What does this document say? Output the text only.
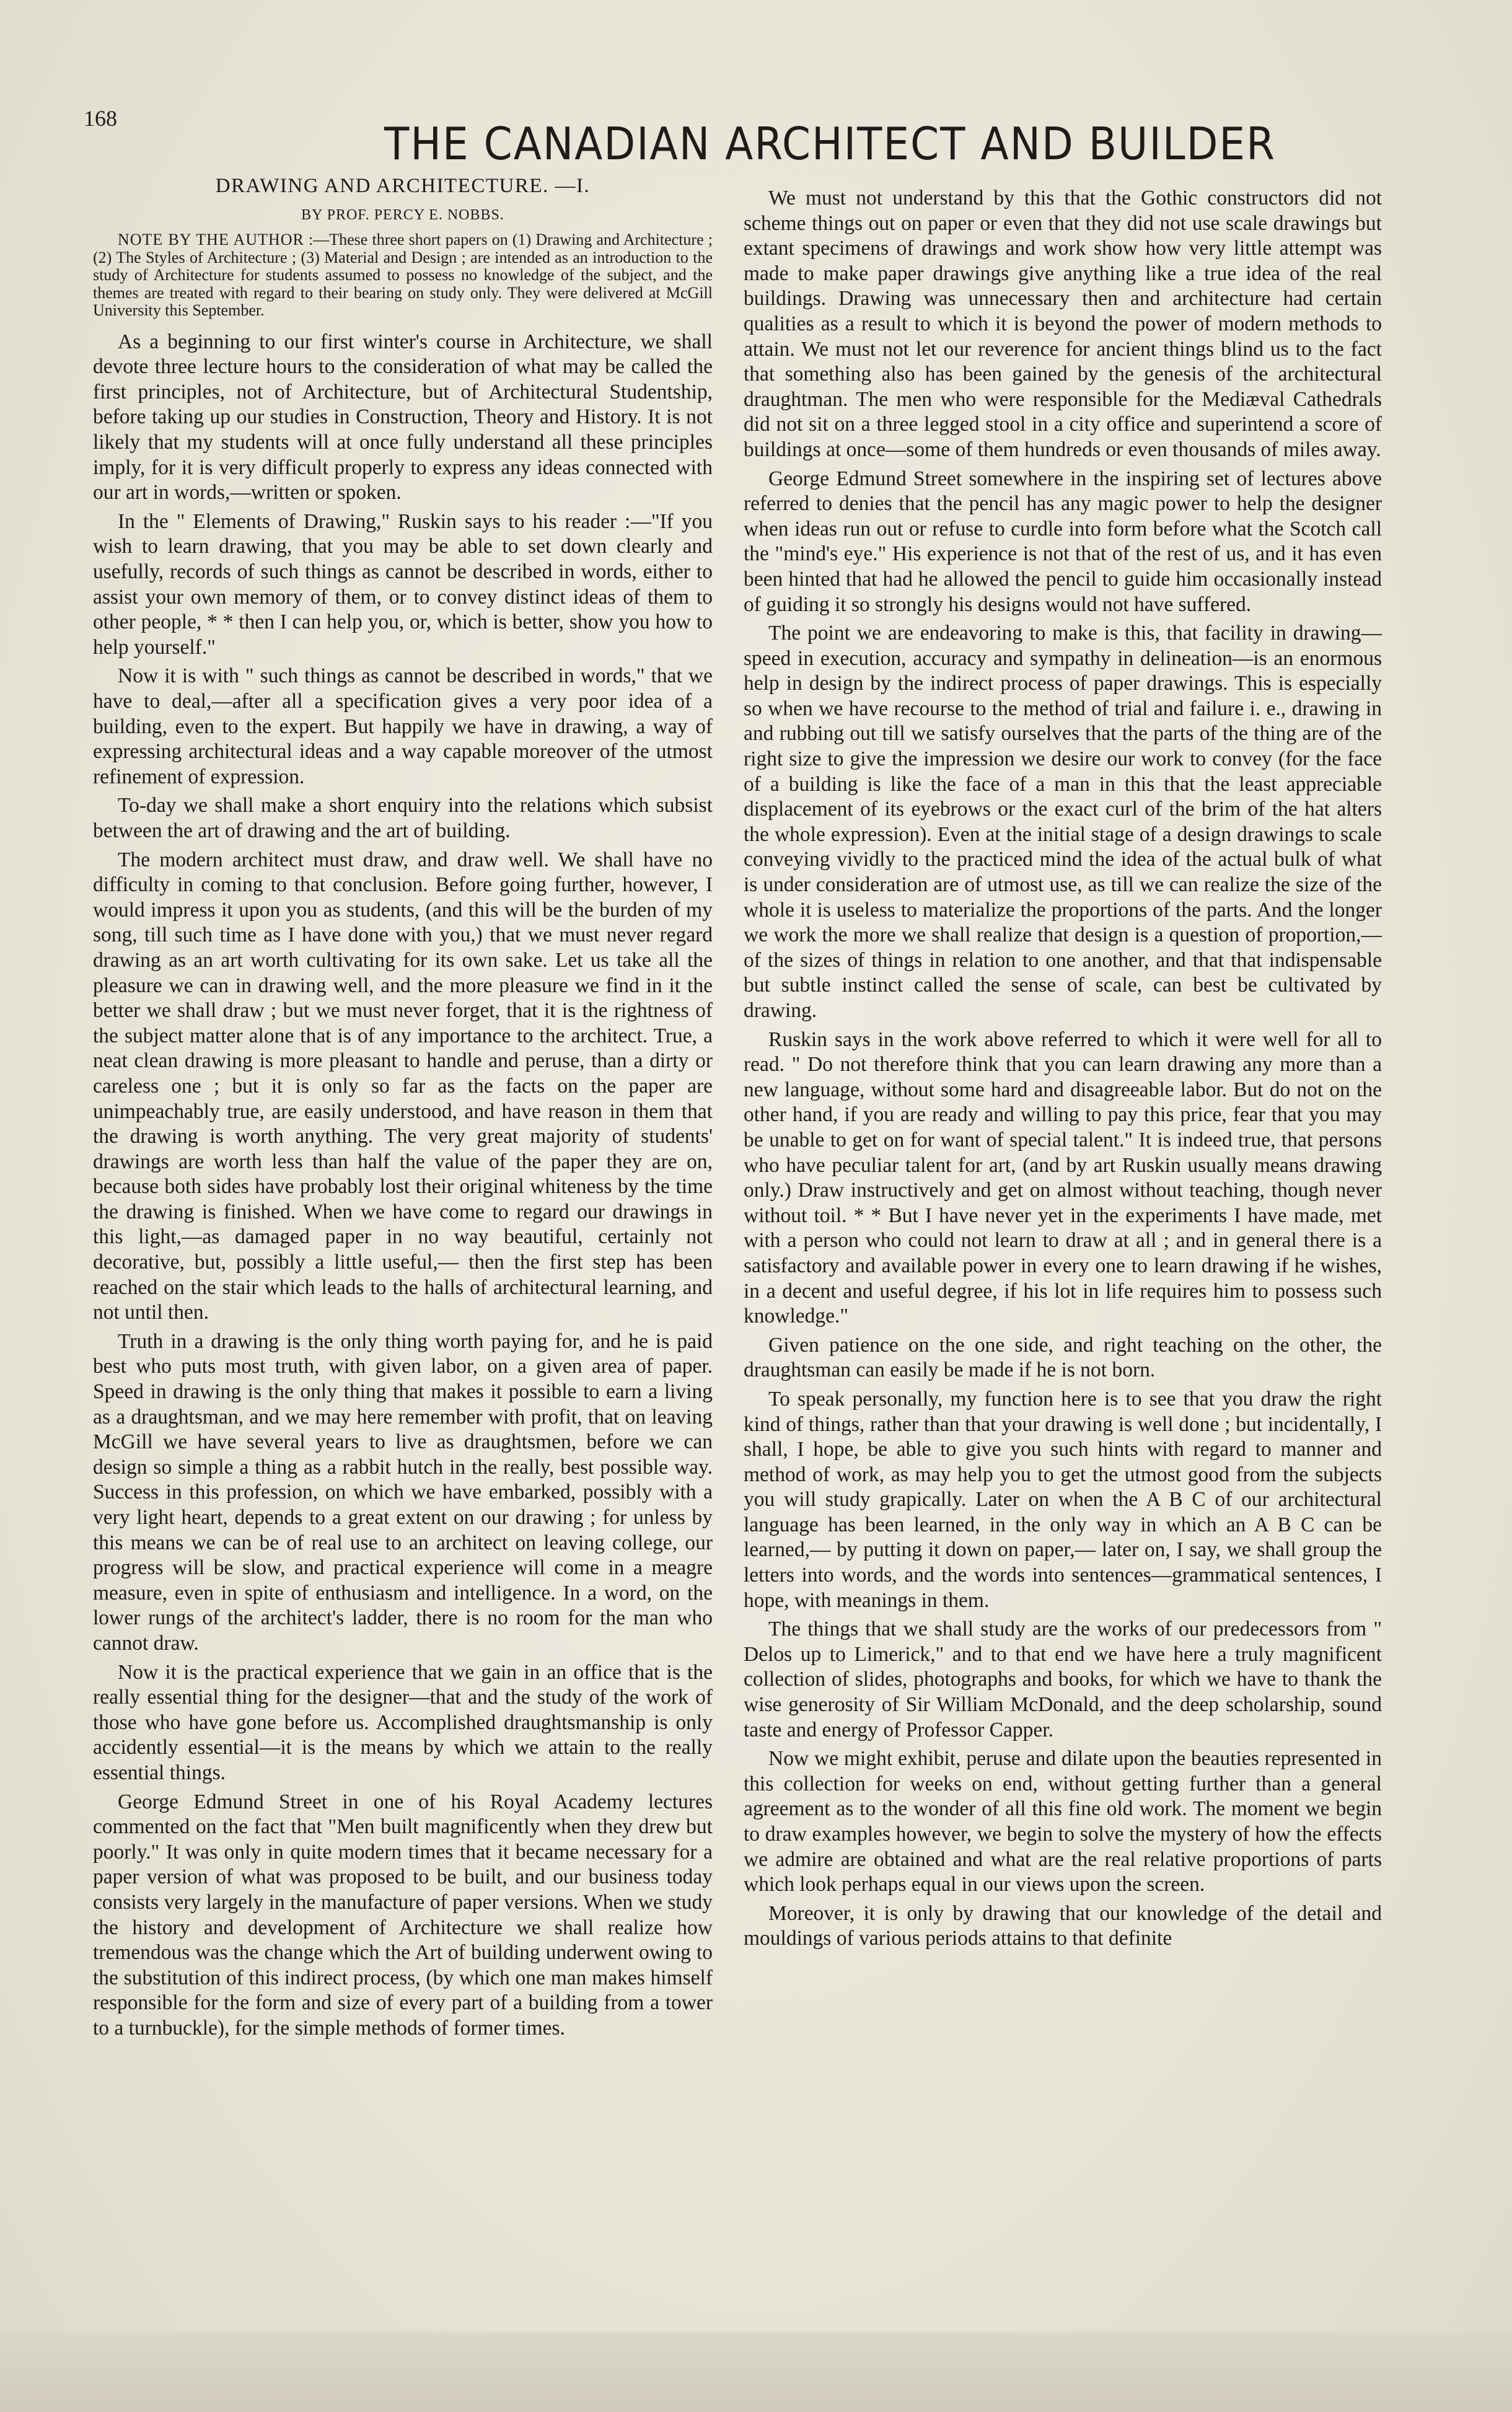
168	THE CANADIAN ARCHITECT AND BUILDER

DRAWING AND ARCHITECTURE. —I.

BY PROF. PERCY E. NOBBS.

NOTE BY THE AUTHOR :—These three short papers on (1) Drawing and Architecture ; (2) The Styles of Architecture ; (3) Material and Design ; are intended as an introduction to the study of Architecture for students assumed to possess no knowledge of the subject, and the themes are treated with regard to their bearing on study only. They were delivered at McGill University this September.

As a beginning to our first winter's course in Architecture, we shall devote three lecture hours to the consideration of what may be called the first principles, not of Architecture, but of Architectural Studentship, before taking up our studies in Construction, Theory and History. It is not likely that my students will at once fully understand all these principles imply, for it is very difficult properly to express any ideas connected with our art in words,—written or spoken.

In the " Elements of Drawing," Ruskin says to his reader :—"If you wish to learn drawing, that you may be able to set down clearly and usefully, records of such things as cannot be described in words, either to assist your own memory of them, or to convey distinct ideas of them to other people, * * then I can help you, or, which is better, show you how to help yourself."

Now it is with " such things as cannot be described in words," that we have to deal,—after all a specification gives a very poor idea of a building, even to the expert. But happily we have in drawing, a way of expressing architectural ideas and a way capable moreover of the utmost refinement of expression.

To-day we shall make a short enquiry into the relations which subsist between the art of drawing and the art of building.

The modern architect must draw, and draw well. We shall have no difficulty in coming to that conclusion. Before going further, however, I would impress it upon you as students, (and this will be the burden of my song, till such time as I have done with you,) that we must never regard drawing as an art worth cultivating for its own sake. Let us take all the pleasure we can in drawing well, and the more pleasure we find in it the better we shall draw ; but we must never forget, that it is the rightness of the subject matter alone that is of any importance to the architect. True, a neat clean drawing is more pleasant to handle and peruse, than a dirty or careless one ; but it is only so far as the facts on the paper are unimpeachably true, are easily understood, and have reason in them that the drawing is worth anything. The very great majority of students' drawings are worth less than half the value of the paper they are on, because both sides have probably lost their original whiteness by the time the drawing is finished. When we have come to regard our drawings in this light,—as damaged paper in no way beautiful, certainly not decorative, but, possibly a little useful,— then the first step has been reached on the stair which leads to the halls of architectural learning, and not until then.

Truth in a drawing is the only thing worth paying for, and he is paid best who puts most truth, with given labor, on a given area of paper. Speed in drawing is the only thing that makes it possible to earn a living as a draughtsman, and we may here remember with profit, that on leaving McGill we have several years to live as draughtsmen, before we can design so simple a thing as a rabbit hutch in the really, best possible way. Success in this profession, on which we have embarked, possibly with a very light heart, depends to a great extent on our drawing ; for unless by this means we can be of real use to an architect on leaving college, our progress will be slow, and practical experience will come in a meagre measure, even in spite of enthusiasm and intelligence. In a word, on the lower rungs of the architect's ladder, there is no room for the man who cannot draw.

Now it is the practical experience that we gain in an office that is the really essential thing for the designer—that and the study of the work of those who have gone before us. Accomplished draughtsmanship is only accidently essential—it is the means by which we attain to the really essential things.

George Edmund Street in one of his Royal Academy lectures commented on the fact that "Men built magnificently when they drew but poorly." It was only in quite modern times that it became necessary for a paper version of what was proposed to be built, and our business today consists very largely in the manufacture of paper versions. When we study the history and development of Architecture we shall realize how tremendous was the change which the Art of building underwent owing to the substitution of this indirect process, (by which one man makes himself responsible for the form and size of every part of a building from a tower to a turnbuckle), for the simple methods of former times.

We must not understand by this that the Gothic constructors did not scheme things out on paper or even that they did not use scale drawings but extant specimens of drawings and work show how very little attempt was made to make paper drawings give anything like a true idea of the real buildings. Drawing was unnecessary then and architecture had certain qualities as a result to which it is beyond the power of modern methods to attain. We must not let our reverence for ancient things blind us to the fact that something also has been gained by the genesis of the architectural draughtman. The men who were responsible for the Mediæval Cathedrals did not sit on a three legged stool in a city office and superintend a score of buildings at once—some of them hundreds or even thousands of miles away.

George Edmund Street somewhere in the inspiring set of lectures above referred to denies that the pencil has any magic power to help the designer when ideas run out or refuse to curdle into form before what the Scotch call the "mind's eye." His experience is not that of the rest of us, and it has even been hinted that had he allowed the pencil to guide him occasionally instead of guiding it so strongly his designs would not have suffered.

The point we are endeavoring to make is this, that facility in drawing—speed in execution, accuracy and sympathy in delineation—is an enormous help in design by the indirect process of paper drawings. This is especially so when we have recourse to the method of trial and failure i. e., drawing in and rubbing out till we satisfy ourselves that the parts of the thing are of the right size to give the impression we desire our work to convey (for the face of a building is like the face of a man in this that the least appreciable displacement of its eyebrows or the exact curl of the brim of the hat alters the whole expression). Even at the initial stage of a design drawings to scale conveying vividly to the practiced mind the idea of the actual bulk of what is under consideration are of utmost use, as till we can realize the size of the whole it is useless to materialize the proportions of the parts. And the longer we work the more we shall realize that design is a question of proportion,—of the sizes of things in relation to one another, and that that indispensable but subtle instinct called the sense of scale, can best be cultivated by drawing.

Ruskin says in the work above referred to which it were well for all to read. " Do not therefore think that you can learn drawing any more than a new language, without some hard and disagreeable labor. But do not on the other hand, if you are ready and willing to pay this price, fear that you may be unable to get on for want of special talent." It is indeed true, that persons who have peculiar talent for art, (and by art Ruskin usually means drawing only.) Draw instructively and get on almost without teaching, though never without toil. * * But I have never yet in the experiments I have made, met with a person who could not learn to draw at all ; and in general there is a satisfactory and available power in every one to learn drawing if he wishes, in a decent and useful degree, if his lot in life requires him to possess such knowledge."

Given patience on the one side, and right teaching on the other, the draughtsman can easily be made if he is not born.

To speak personally, my function here is to see that you draw the right kind of things, rather than that your drawing is well done ; but incidentally, I shall, I hope, be able to give you such hints with regard to manner and method of work, as may help you to get the utmost good from the subjects you will study grapically. Later on when the A B C of our architectural language has been learned, in the only way in which an A B C can be learned,— by putting it down on paper,— later on, I say, we shall group the letters into words, and the words into sentences—grammatical sentences, I hope, with meanings in them.

The things that we shall study are the works of our predecessors from " Delos up to Limerick," and to that end we have here a truly magnificent collection of slides, photographs and books, for which we have to thank the wise generosity of Sir William McDonald, and the deep scholarship, sound taste and energy of Professor Capper.

Now we might exhibit, peruse and dilate upon the beauties represented in this collection for weeks on end, without getting further than a general agreement as to the wonder of all this fine old work. The moment we begin to draw examples however, we begin to solve the mystery of how the effects we admire are obtained and what are the real relative proportions of parts which look perhaps equal in our views upon the screen.

Moreover, it is only by drawing that our knowledge of the detail and mouldings of various periods attains to that definite
